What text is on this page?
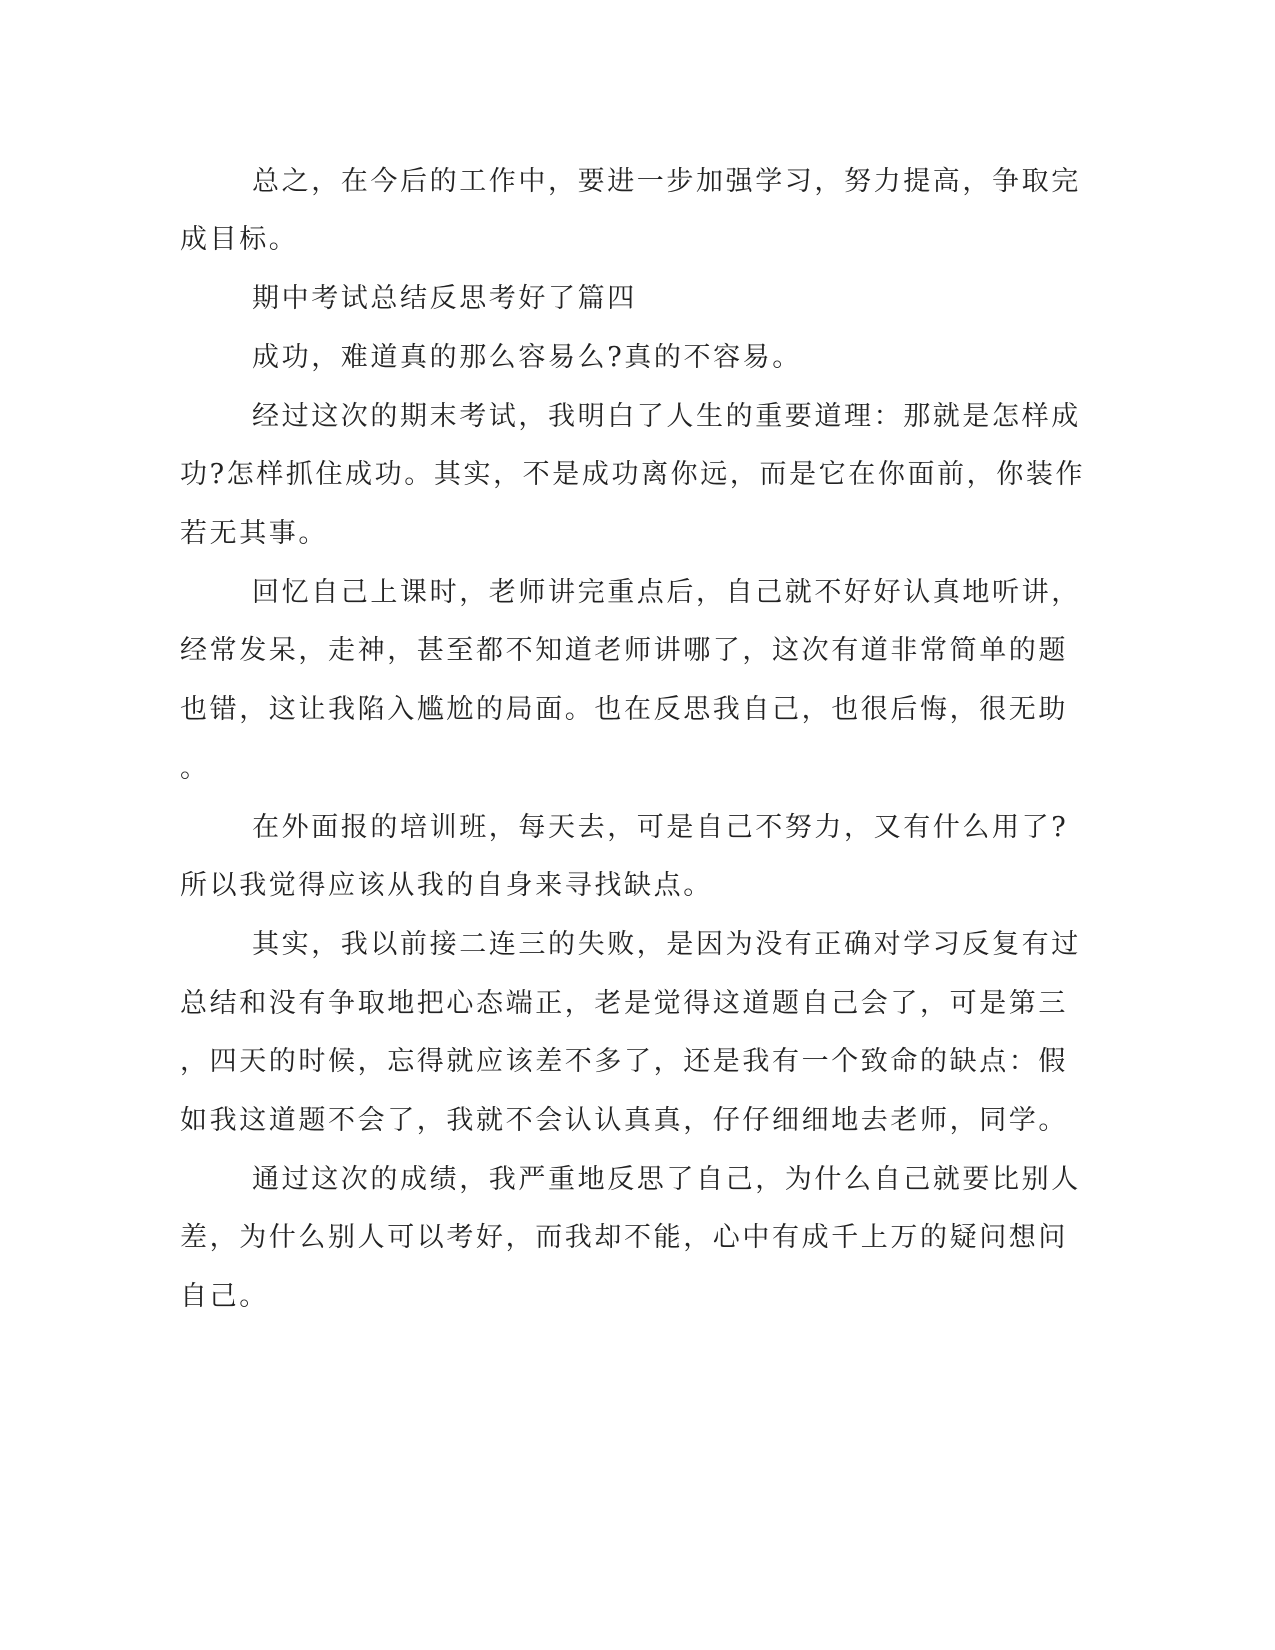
总之，在今后的工作中，要进一步加强学习，努力提高，争取完
成目标。
期中考试总结反思考好了篇四
成功，难道真的那么容易么?真的不容易。
经过这次的期末考试，我明白了人生的重要道理：那就是怎样成
功?怎样抓住成功。其实，不是成功离你远，而是它在你面前，你装作
若无其事。
回忆自己上课时，老师讲完重点后，自己就不好好认真地听讲，
经常发呆，走神，甚至都不知道老师讲哪了，这次有道非常简单的题
也错，这让我陷入尴尬的局面。也在反思我自己，也很后悔，很无助
。
在外面报的培训班，每天去，可是自己不努力，又有什么用了?
所以我觉得应该从我的自身来寻找缺点。
其实，我以前接二连三的失败，是因为没有正确对学习反复有过
总结和没有争取地把心态端正，老是觉得这道题自己会了，可是第三
，四天的时候，忘得就应该差不多了，还是我有一个致命的缺点：假
如我这道题不会了，我就不会认认真真，仔仔细细地去老师，同学。
通过这次的成绩，我严重地反思了自己，为什么自己就要比别人
差，为什么别人可以考好，而我却不能，心中有成千上万的疑问想问
自己。
